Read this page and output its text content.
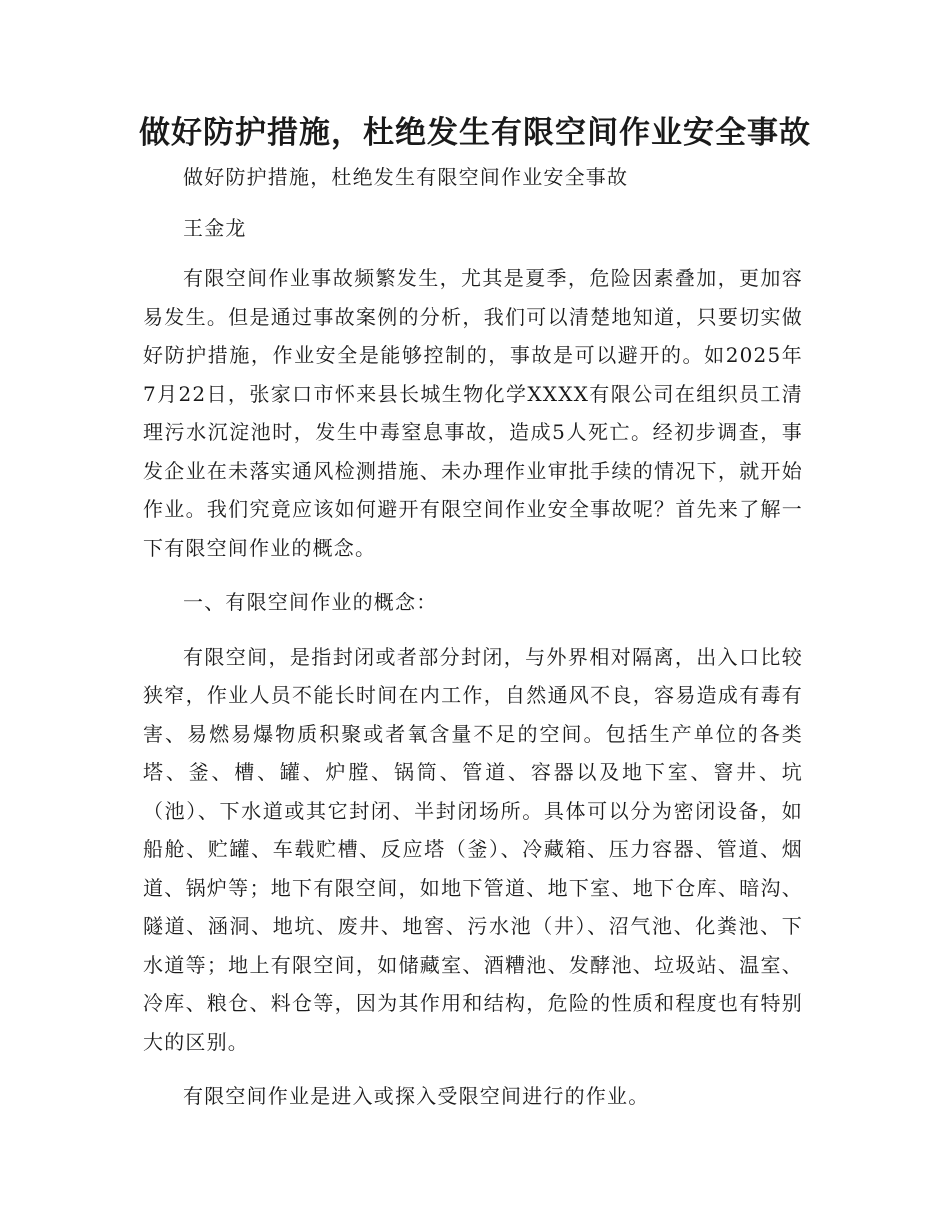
做好防护措施，杜绝发生有限空间作业安全事故

做好防护措施，杜绝发生有限空间作业安全事故

王金龙

有限空间作业事故频繁发生，尤其是夏季，危险因素叠加，更加容易发生。但是通过事故案例的分析，我们可以清楚地知道，只要切实做好防护措施，作业安全是能够控制的，事故是可以避开的。如2025年7月22日，张家口市怀来县长城生物化学XXXX有限公司在组织员工清理污水沉淀池时，发生中毒窒息事故，造成5人死亡。经初步调查，事发企业在未落实通风检测措施、未办理作业审批手续的情况下，就开始作业。我们究竟应该如何避开有限空间作业安全事故呢？首先来了解一下有限空间作业的概念。

一、有限空间作业的概念：

有限空间，是指封闭或者部分封闭，与外界相对隔离，出入口比较狭窄，作业人员不能长时间在内工作，自然通风不良，容易造成有毒有害、易燃易爆物质积聚或者氧含量不足的空间。包括生产单位的各类塔、釜、槽、罐、炉膛、锅筒、管道、容器以及地下室、窨井、坑（池）、下水道或其它封闭、半封闭场所。具体可以分为密闭设备，如船舱、贮罐、车载贮槽、反应塔（釜）、冷藏箱、压力容器、管道、烟道、锅炉等；地下有限空间，如地下管道、地下室、地下仓库、暗沟、隧道、涵洞、地坑、废井、地窖、污水池（井）、沼气池、化粪池、下水道等；地上有限空间，如储藏室、酒糟池、发酵池、垃圾站、温室、冷库、粮仓、料仓等，因为其作用和结构，危险的性质和程度也有特别大的区别。

有限空间作业是进入或探入受限空间进行的作业。
